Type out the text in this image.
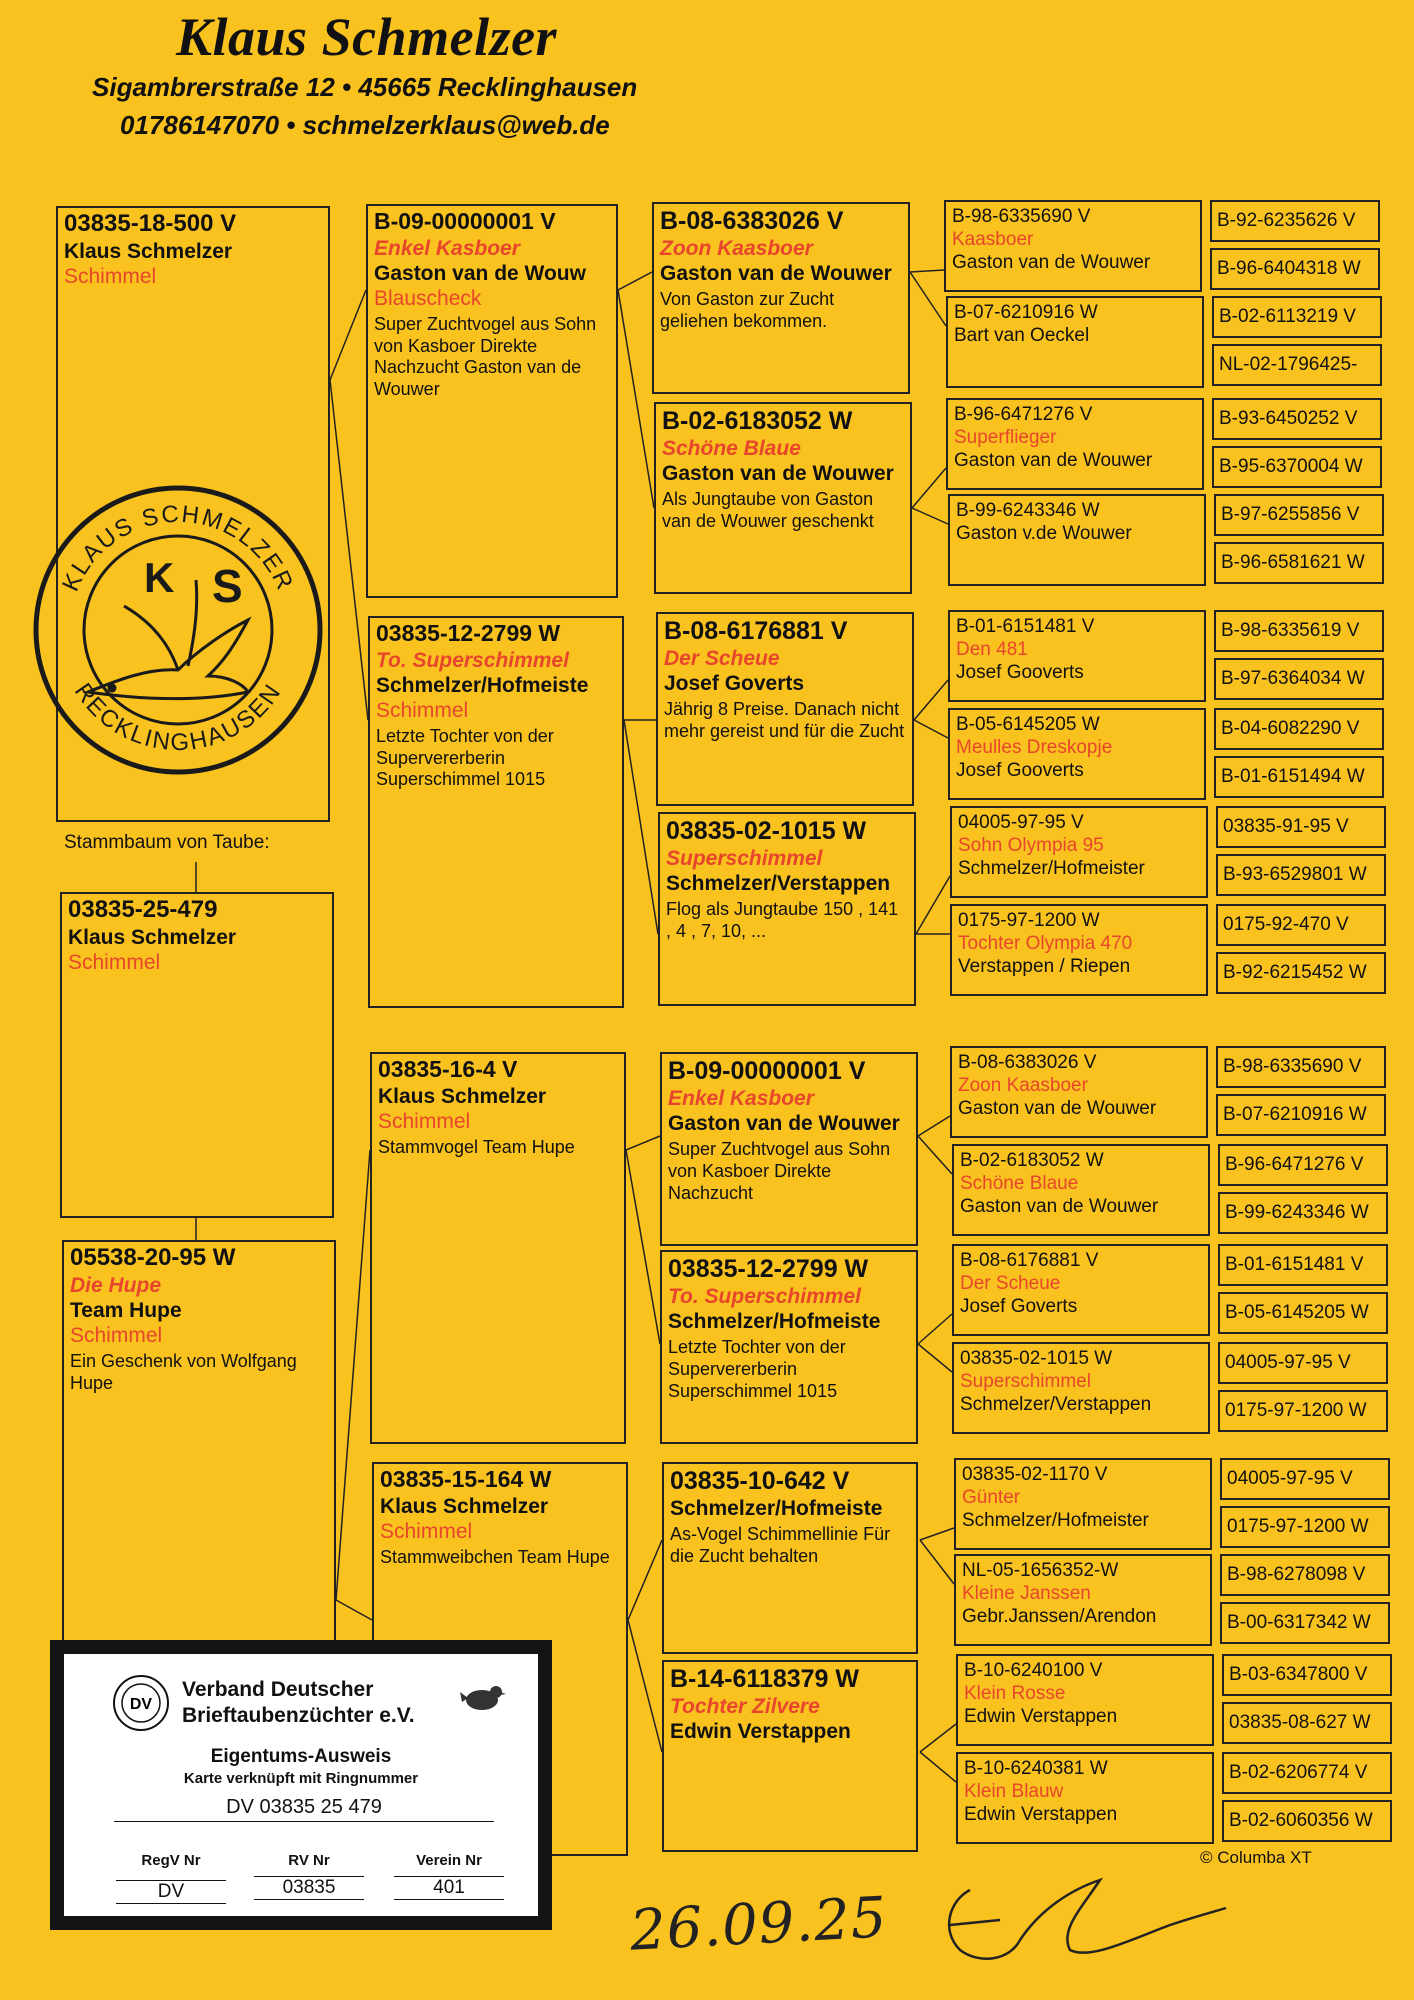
Klaus Schmelzer
Sigambrerstraße 12 • 45665 Recklinghausen
01786147070 • schmelzerklaus@web.de
03835-18-500 V
Klaus Schmelzer
Schimmel
Stammbaum von Taube:
03835-25-479
Klaus Schmelzer
Schimmel
05538-20-95 W
Die Hupe
Team Hupe
Schimmel
Ein Geschenk von Wolfgang Hupe
B-09-00000001 V
Enkel Kasboer
Gaston van de Wouw
Blauscheck
Super Zuchtvogel aus Sohn von Kasboer Direkte Nachzucht Gaston van de Wouwer
03835-12-2799 W
To. Superschimmel
Schmelzer/Hofmeiste
Schimmel
Letzte Tochter von der Supervererberin Superschimmel 1015
03835-16-4 V
Klaus Schmelzer
Schimmel
Stammvogel Team Hupe
03835-15-164 W
Klaus Schmelzer
Schimmel
Stammweibchen Team Hupe
B-08-6383026 V
Zoon Kaasboer
Gaston van de Wouwer
Von Gaston zur Zucht geliehen bekommen.
B-02-6183052 W
Schöne Blaue
Gaston van de Wouwer
Als Jungtaube von Gaston van de Wouwer geschenkt
B-08-6176881 V
Der Scheue
Josef Goverts
Jährig 8 Preise. Danach nicht mehr gereist und für die Zucht
03835-02-1015 W
Superschimmel
Schmelzer/Verstappen
Flog als Jungtaube 150 , 141 , 4 , 7, 10, ...
B-09-00000001 V
Enkel Kasboer
Gaston van de Wouwer
Super Zuchtvogel aus Sohn von Kasboer Direkte Nachzucht
03835-12-2799 W
To. Superschimmel
Schmelzer/Hofmeiste
Letzte Tochter von der Supervererberin Superschimmel 1015
03835-10-642 V
Schmelzer/Hofmeiste
As-Vogel Schimmellinie Für die Zucht behalten
B-14-6118379 W
Tochter Zilvere
Edwin Verstappen
B-98-6335690 V
Kaasboer
Gaston van de Wouwer
B-07-6210916 W
Bart van Oeckel
B-96-6471276 V
Superflieger
Gaston van de Wouwer
B-99-6243346 W
Gaston v.de Wouwer
B-01-6151481 V
Den 481
Josef Gooverts
B-05-6145205 W
Meulles Dreskopje
Josef Gooverts
04005-97-95 V
Sohn Olympia 95
Schmelzer/Hofmeister
0175-97-1200 W
Tochter Olympia 470
Verstappen / Riepen
B-08-6383026 V
Zoon Kaasboer
Gaston van de Wouwer
B-02-6183052 W
Schöne Blaue
Gaston van de Wouwer
B-08-6176881 V
Der Scheue
Josef Goverts
03835-02-1015 W
Superschimmel
Schmelzer/Verstappen
03835-02-1170 V
Günter
Schmelzer/Hofmeister
NL-05-1656352-W
Kleine Janssen
Gebr.Janssen/Arendon
B-10-6240100 V
Klein Rosse
Edwin Verstappen
B-10-6240381 W
Klein Blauw
Edwin Verstappen
B-92-6235626 V
B-96-6404318 W
B-02-6113219 V
NL-02-1796425-
B-93-6450252 V
B-95-6370004 W
B-97-6255856 V
B-96-6581621 W
B-98-6335619 V
B-97-6364034 W
B-04-6082290 V
B-01-6151494 W
03835-91-95 V
B-93-6529801 W
0175-92-470 V
B-92-6215452 W
B-98-6335690 V
B-07-6210916 W
B-96-6471276 V
B-99-6243346 W
B-01-6151481 V
B-05-6145205 W
04005-97-95 V
0175-97-1200 W
04005-97-95 V
0175-97-1200 W
B-98-6278098 V
B-00-6317342 W
B-03-6347800 V
03835-08-627 W
B-02-6206774 V
B-02-6060356 W
KLAUS SCHMELZER
RECKLINGHAUSEN
K S
DV
Verband Deutscher
Brieftaubenzüchter e.V.
Eigentums-Ausweis
Karte verknüpft mit Ringnummer
DV 03835 25 479
RegV Nr	RV Nr	Verein Nr
DV	03835	401
© Columba XT
26.09.25
